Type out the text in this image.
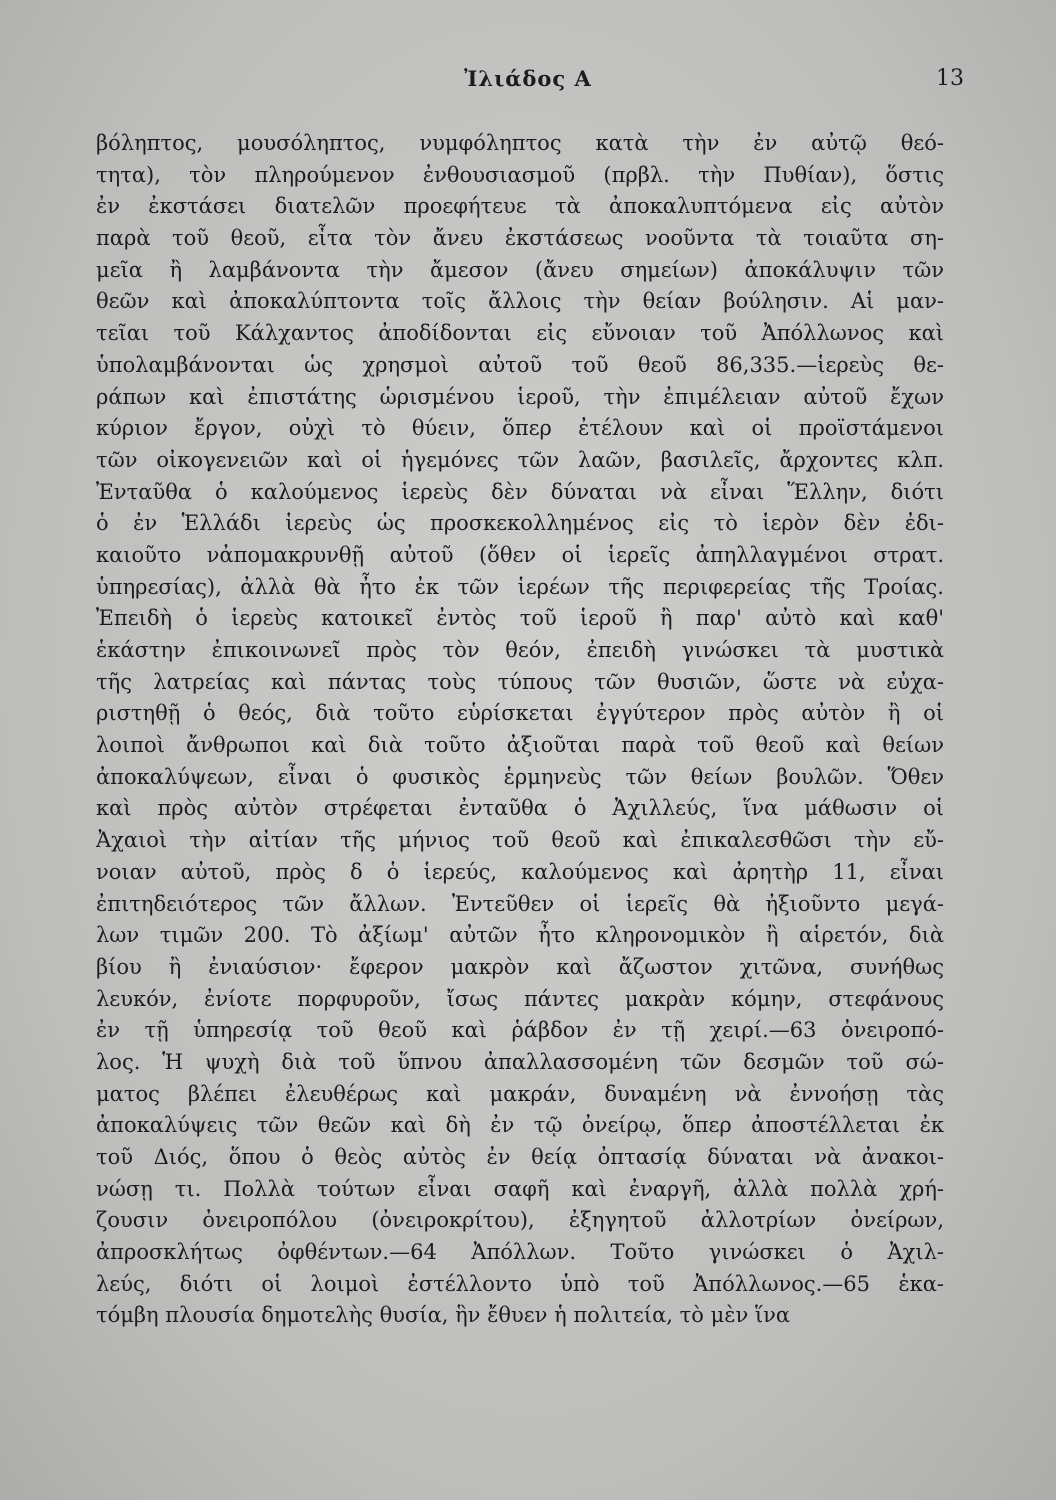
Ἰλιάδος Α	13
βόληπτος, μουσόληπτος, νυμφόληπτος κατὰ τὴν ἐν αὐτῷ θεό-
τητα), τὸν πληρούμενον ἐνθουσιασμοῦ (πρβλ. τὴν Πυθίαν), ὅστις
ἐν ἐκστάσει διατελῶν προεφήτευε τὰ ἀποκαλυπτόμενα εἰς αὐτὸν
παρὰ τοῦ θεοῦ, εἶτα τὸν ἄνευ ἐκστάσεως νοοῦντα τὰ τοιαῦτα ση-
μεῖα ἢ λαμβάνοντα τὴν ἄμεσον (ἄνευ σημείων) ἀποκάλυψιν τῶν
θεῶν καὶ ἀποκαλύπτοντα τοῖς ἄλλοις τὴν θείαν βούλησιν. Αἱ μαν-
τεῖαι τοῦ Κάλχαντος ἀποδίδονται εἰς εὔνοιαν τοῦ Ἀπόλλωνος καὶ
ὑπολαμβάνονται ὡς χρησμοὶ αὐτοῦ τοῦ θεοῦ 86,335.—ἱερεὺς θε-
ράπων καὶ ἐπιστάτης ὡρισμένου ἱεροῦ, τὴν ἐπιμέλειαν αὐτοῦ ἔχων
κύριον ἔργον, οὐχὶ τὸ θύειν, ὅπερ ἐτέλουν καὶ οἱ προϊστάμενοι
τῶν οἰκογενειῶν καὶ οἱ ἡγεμόνες τῶν λαῶν, βασιλεῖς, ἄρχοντες κλπ.
Ἐνταῦθα ὁ καλούμενος ἱερεὺς δὲν δύναται νὰ εἶναι Ἕλλην, διότι
ὁ ἐν Ἑλλάδι ἱερεὺς ὡς προσκεκολλημένος εἰς τὸ ἱερὸν δὲν ἐδι-
καιοῦτο νἀπομακρυνθῇ αὐτοῦ (ὅθεν οἱ ἱερεῖς ἀπηλλαγμένοι στρατ.
ὑπηρεσίας), ἀλλὰ θὰ ἦτο ἐκ τῶν ἱερέων τῆς περιφερείας τῆς Τροίας.
Ἐπειδὴ ὁ ἱερεὺς κατοικεῖ ἐντὸς τοῦ ἱεροῦ ἢ παρ' αὐτὸ καὶ καθ'
ἑκάστην ἐπικοινωνεῖ πρὸς τὸν θεόν, ἐπειδὴ γινώσκει τὰ μυστικὰ
τῆς λατρείας καὶ πάντας τοὺς τύπους τῶν θυσιῶν, ὥστε νὰ εὐχα-
ριστηθῇ ὁ θεός, διὰ τοῦτο εὑρίσκεται ἐγγύτερον πρὸς αὐτὸν ἢ οἱ
λοιποὶ ἄνθρωποι καὶ διὰ τοῦτο ἀξιοῦται παρὰ τοῦ θεοῦ καὶ θείων
ἀποκαλύψεων, εἶναι ὁ φυσικὸς ἑρμηνεὺς τῶν θείων βουλῶν. Ὅθεν
καὶ πρὸς αὐτὸν στρέφεται ἐνταῦθα ὁ Ἀχιλλεύς, ἵνα μάθωσιν οἱ
Ἀχαιοὶ τὴν αἰτίαν τῆς μήνιος τοῦ θεοῦ καὶ ἐπικαλεσθῶσι τὴν εὔ-
νοιαν αὐτοῦ, πρὸς δ ὁ ἱερεύς, καλούμενος καὶ ἀρητὴρ 11, εἶναι
ἐπιτηδειότερος τῶν ἄλλων. Ἐντεῦθεν οἱ ἱερεῖς θὰ ἠξιοῦντο μεγά-
λων τιμῶν 200. Τὸ ἀξίωμ' αὐτῶν ἦτο κληρονομικὸν ἢ αἱρετόν, διὰ
βίου ἢ ἐνιαύσιον· ἔφερον μακρὸν καὶ ἄζωστον χιτῶνα, συνήθως
λευκόν, ἐνίοτε πορφυροῦν, ἴσως πάντες μακρὰν κόμην, στεφάνους
ἐν τῇ ὑπηρεσίᾳ τοῦ θεοῦ καὶ ῥάβδον ἐν τῇ χειρί.—63 ὀνειροπό-
λος. Ἡ ψυχὴ διὰ τοῦ ὕπνου ἀπαλλασσομένη τῶν δεσμῶν τοῦ σώ-
ματος βλέπει ἐλευθέρως καὶ μακράν, δυναμένη νὰ ἐννοήσῃ τὰς
ἀποκαλύψεις τῶν θεῶν καὶ δὴ ἐν τῷ ὀνείρῳ, ὅπερ ἀποστέλλεται ἐκ
τοῦ Διός, ὅπου ὁ θεὸς αὐτὸς ἐν θείᾳ ὀπτασίᾳ δύναται νὰ ἀνακοι-
νώσῃ τι. Πολλὰ τούτων εἶναι σαφῆ καὶ ἐναργῆ, ἀλλὰ πολλὰ χρή-
ζουσιν ὀνειροπόλου (ὀνειροκρίτου), ἐξηγητοῦ ἀλλοτρίων ὀνείρων,
ἀπροσκλήτως ὀφθέντων.—64 Ἀπόλλων. Τοῦτο γινώσκει ὁ Ἀχιλ-
λεύς, διότι οἱ λοιμοὶ ἐστέλλοντο ὑπὸ τοῦ Ἀπόλλωνος.—65 ἑκα-
τόμβη πλουσία δημοτελὴς θυσία, ἣν ἔθυεν ἡ πολιτεία, τὸ μὲν ἵνα
